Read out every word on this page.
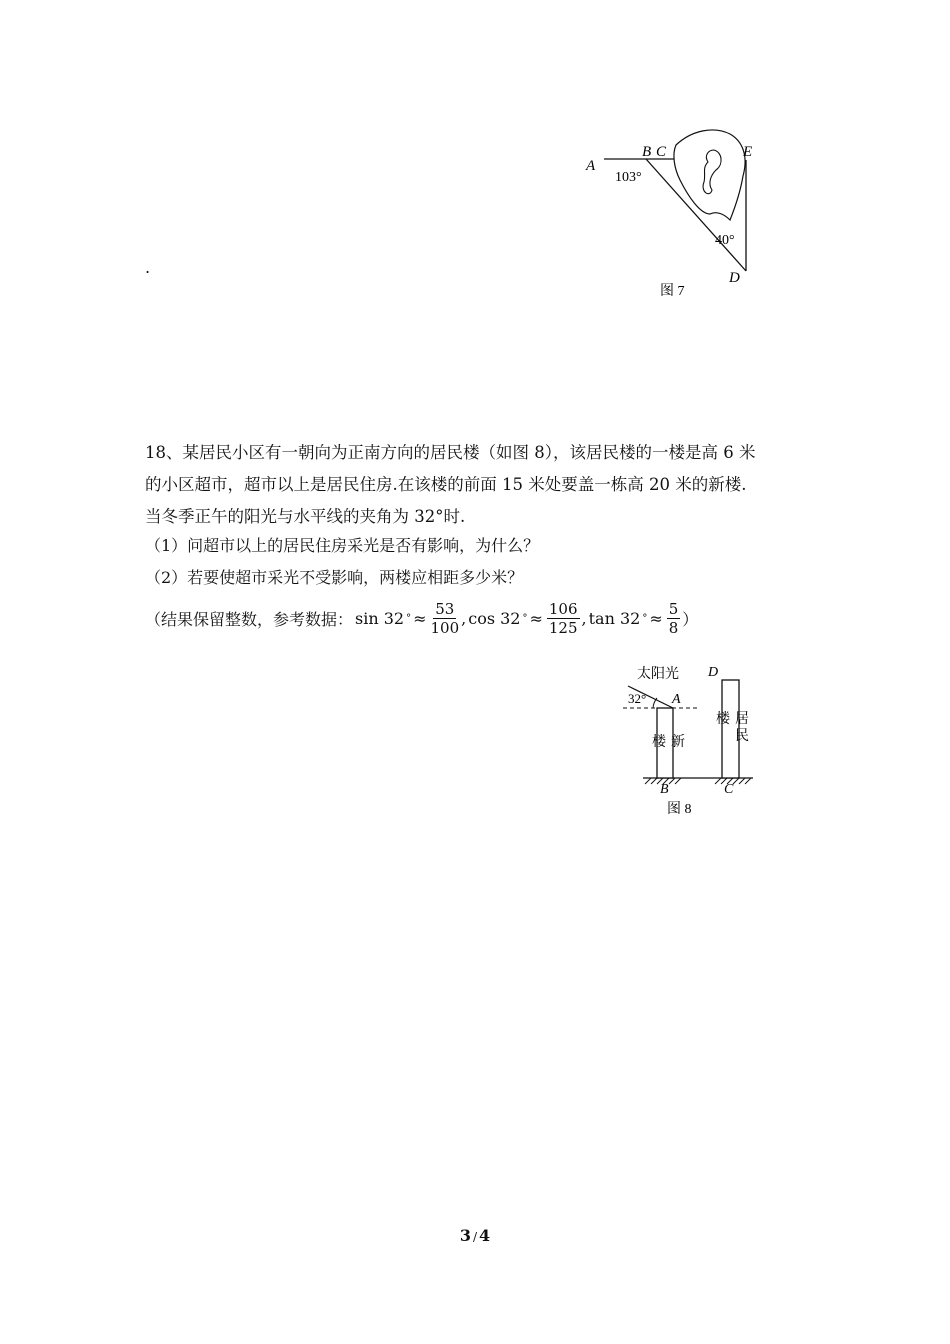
.
A
B C	E
D
103°
40°
图 7
18、某居民小区有一朝向为正南方向的居民楼（如图 8），该居民楼的一楼是高 6 米
的小区超市，超市以上是居民住房.在该楼的前面 15 米处要盖一栋高 20 米的新楼.
当冬季正午的阳光与水平线的夹角为 32°时.
（1）问超市以上的居民住房采光是否有影响，为什么？
（2）若要使超市采光不受影响，两楼应相距多少米？
（结果保留整数，参考数据： sin 32 ° ≈ $\frac{53}{100}$ , cos 32 ° ≈ $\frac{106}{125}$ , tan 32 ° ≈ $\frac{5}{8}$ ）
太阳光
32° A
D
B	C
楼 新
楼 居
民
图 8
3 / 4
